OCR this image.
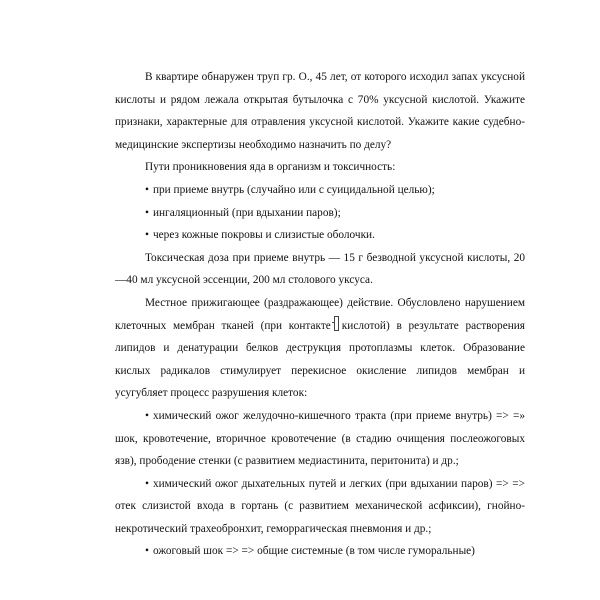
В квартире обнаружен труп гр. О., 45 лет, от которого исходил запах уксусной кислоты и рядом лежала открытая бутылочка с 70% уксусной кислотой. Укажите признаки, характерные для отравления уксусной кислотой. Укажите какие судебно-медицинские экспертизы необходимо назначить по делу?

Пути проникновения яда в организм и токсичность:

• при приеме внутрь (случайно или с суицидальной целью);

• ингаляционный (при вдыхании паров);

• через кожные покровы и слизистые оболочки.

Токсическая доза при приеме внутрь — 15 г безводной уксусной кислоты, 20—40 мл уксусной эссенции, 200 мл столового уксуса.

Местное прижигающее (раздражающее) действие. Обусловлено нарушением клеточных мембран тканей (при контакте кислотой) в результате растворения липидов и денатурации белков деструкция протоплазмы клеток. Образование кислых радикалов стимулирует перекисное окисление липидов мембран и усугубляет процесс разрушения клеток:

• химический ожог желудочно-кишечного тракта (при приеме внутрь) => =» шок, кровотечение, вторичное кровотечение (в стадию очищения послеожоговых язв), прободение стенки (с развитием медиастинита, перитонита) и др.;

• химический ожог дыхательных путей и легких (при вдыхании паров) => => отек слизистой входа в гортань (с развитием механической асфиксии), гнойно-некротический трахеобронхит, геморрагическая пневмония и др.;

• ожоговый шок => => общие системные (в том числе гуморальные)
